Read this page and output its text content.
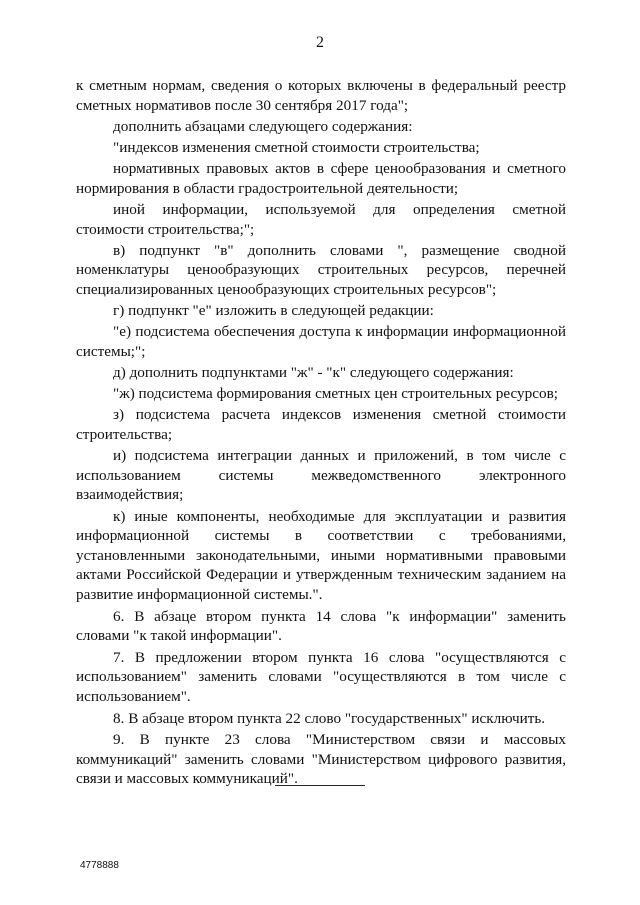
2

к сметным нормам, сведения о которых включены в федеральный реестр сметных нормативов после 30 сентября 2017 года";

дополнить абзацами следующего содержания:

"индексов изменения сметной стоимости строительства;

нормативных правовых актов в сфере ценообразования и сметного нормирования в области градостроительной деятельности;

иной информации, используемой для определения сметной стоимости строительства;";

в) подпункт "в" дополнить словами ", размещение сводной номенклатуры ценообразующих строительных ресурсов, перечней специализированных ценообразующих строительных ресурсов";

г) подпункт "е" изложить в следующей редакции:

"е) подсистема обеспечения доступа к информации информационной системы;";

д) дополнить подпунктами "ж" - "к" следующего содержания:

"ж) подсистема формирования сметных цен строительных ресурсов;

з) подсистема расчета индексов изменения сметной стоимости строительства;

и) подсистема интеграции данных и приложений, в том числе с использованием системы межведомственного электронного взаимодействия;

к) иные компоненты, необходимые для эксплуатации и развития информационной системы в соответствии с требованиями, установленными законодательными, иными нормативными правовыми актами Российской Федерации и утвержденным техническим заданием на развитие информационной системы.".

6. В абзаце втором пункта 14 слова "к информации" заменить словами "к такой информации".

7. В предложении втором пункта 16 слова "осуществляются с использованием" заменить словами "осуществляются в том числе с использованием".

8. В абзаце втором пункта 22 слово "государственных" исключить.

9. В пункте 23 слова "Министерством связи и массовых коммуникаций" заменить словами "Министерством цифрового развития, связи и массовых коммуникаций".

4778888
